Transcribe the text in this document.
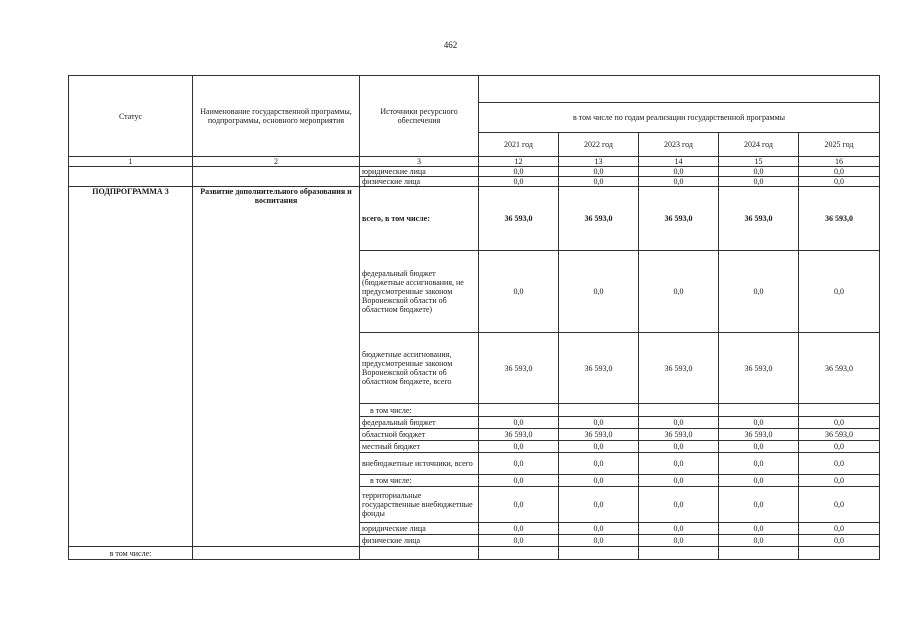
462
Статус	Наименование государственной программы, подпрограммы, основного мероприятия	Источники ресурсного обеспечения					
			в том числе по годам реализации государственной программы				
			2021 год	2022 год	2023 год	2024 год	2025 год
1	2	3	12	13	14	15	16
		юридические лица	0,0	0,0	0,0	0,0	0,0
		физические лица	0,0	0,0	0,0	0,0	0,0
ПОДПРОГРАММА 3	Развитие дополнительного образования и воспитания	всего, в том числе:	36 593,0	36 593,0	36 593,0	36 593,0	36 593,0
		федеральный бюджет (бюджетные ассигнования, не предусмотренные законом Воронежской области об областном бюджете)	0,0	0,0	0,0	0,0	0,0
		бюджетные ассигнования, предусмотренные законом Воронежской области об областном бюджете, всего	36 593,0	36 593,0	36 593,0	36 593,0	36 593,0
		в том числе:					
		федеральный бюджет	0,0	0,0	0,0	0,0	0,0
		областной бюджет	36 593,0	36 593,0	36 593,0	36 593,0	36 593,0
		местный бюджет	0,0	0,0	0,0	0,0	0,0
		внебюджетные источники, всего	0,0	0,0	0,0	0,0	0,0
		в том числе:	0,0	0,0	0,0	0,0	0,0
		территориальные государственные внебюджетные фонды	0,0	0,0	0,0	0,0	0,0
		юридические лица	0,0	0,0	0,0	0,0	0,0
		физические лица	0,0	0,0	0,0	0,0	0,0
в том числе:							
